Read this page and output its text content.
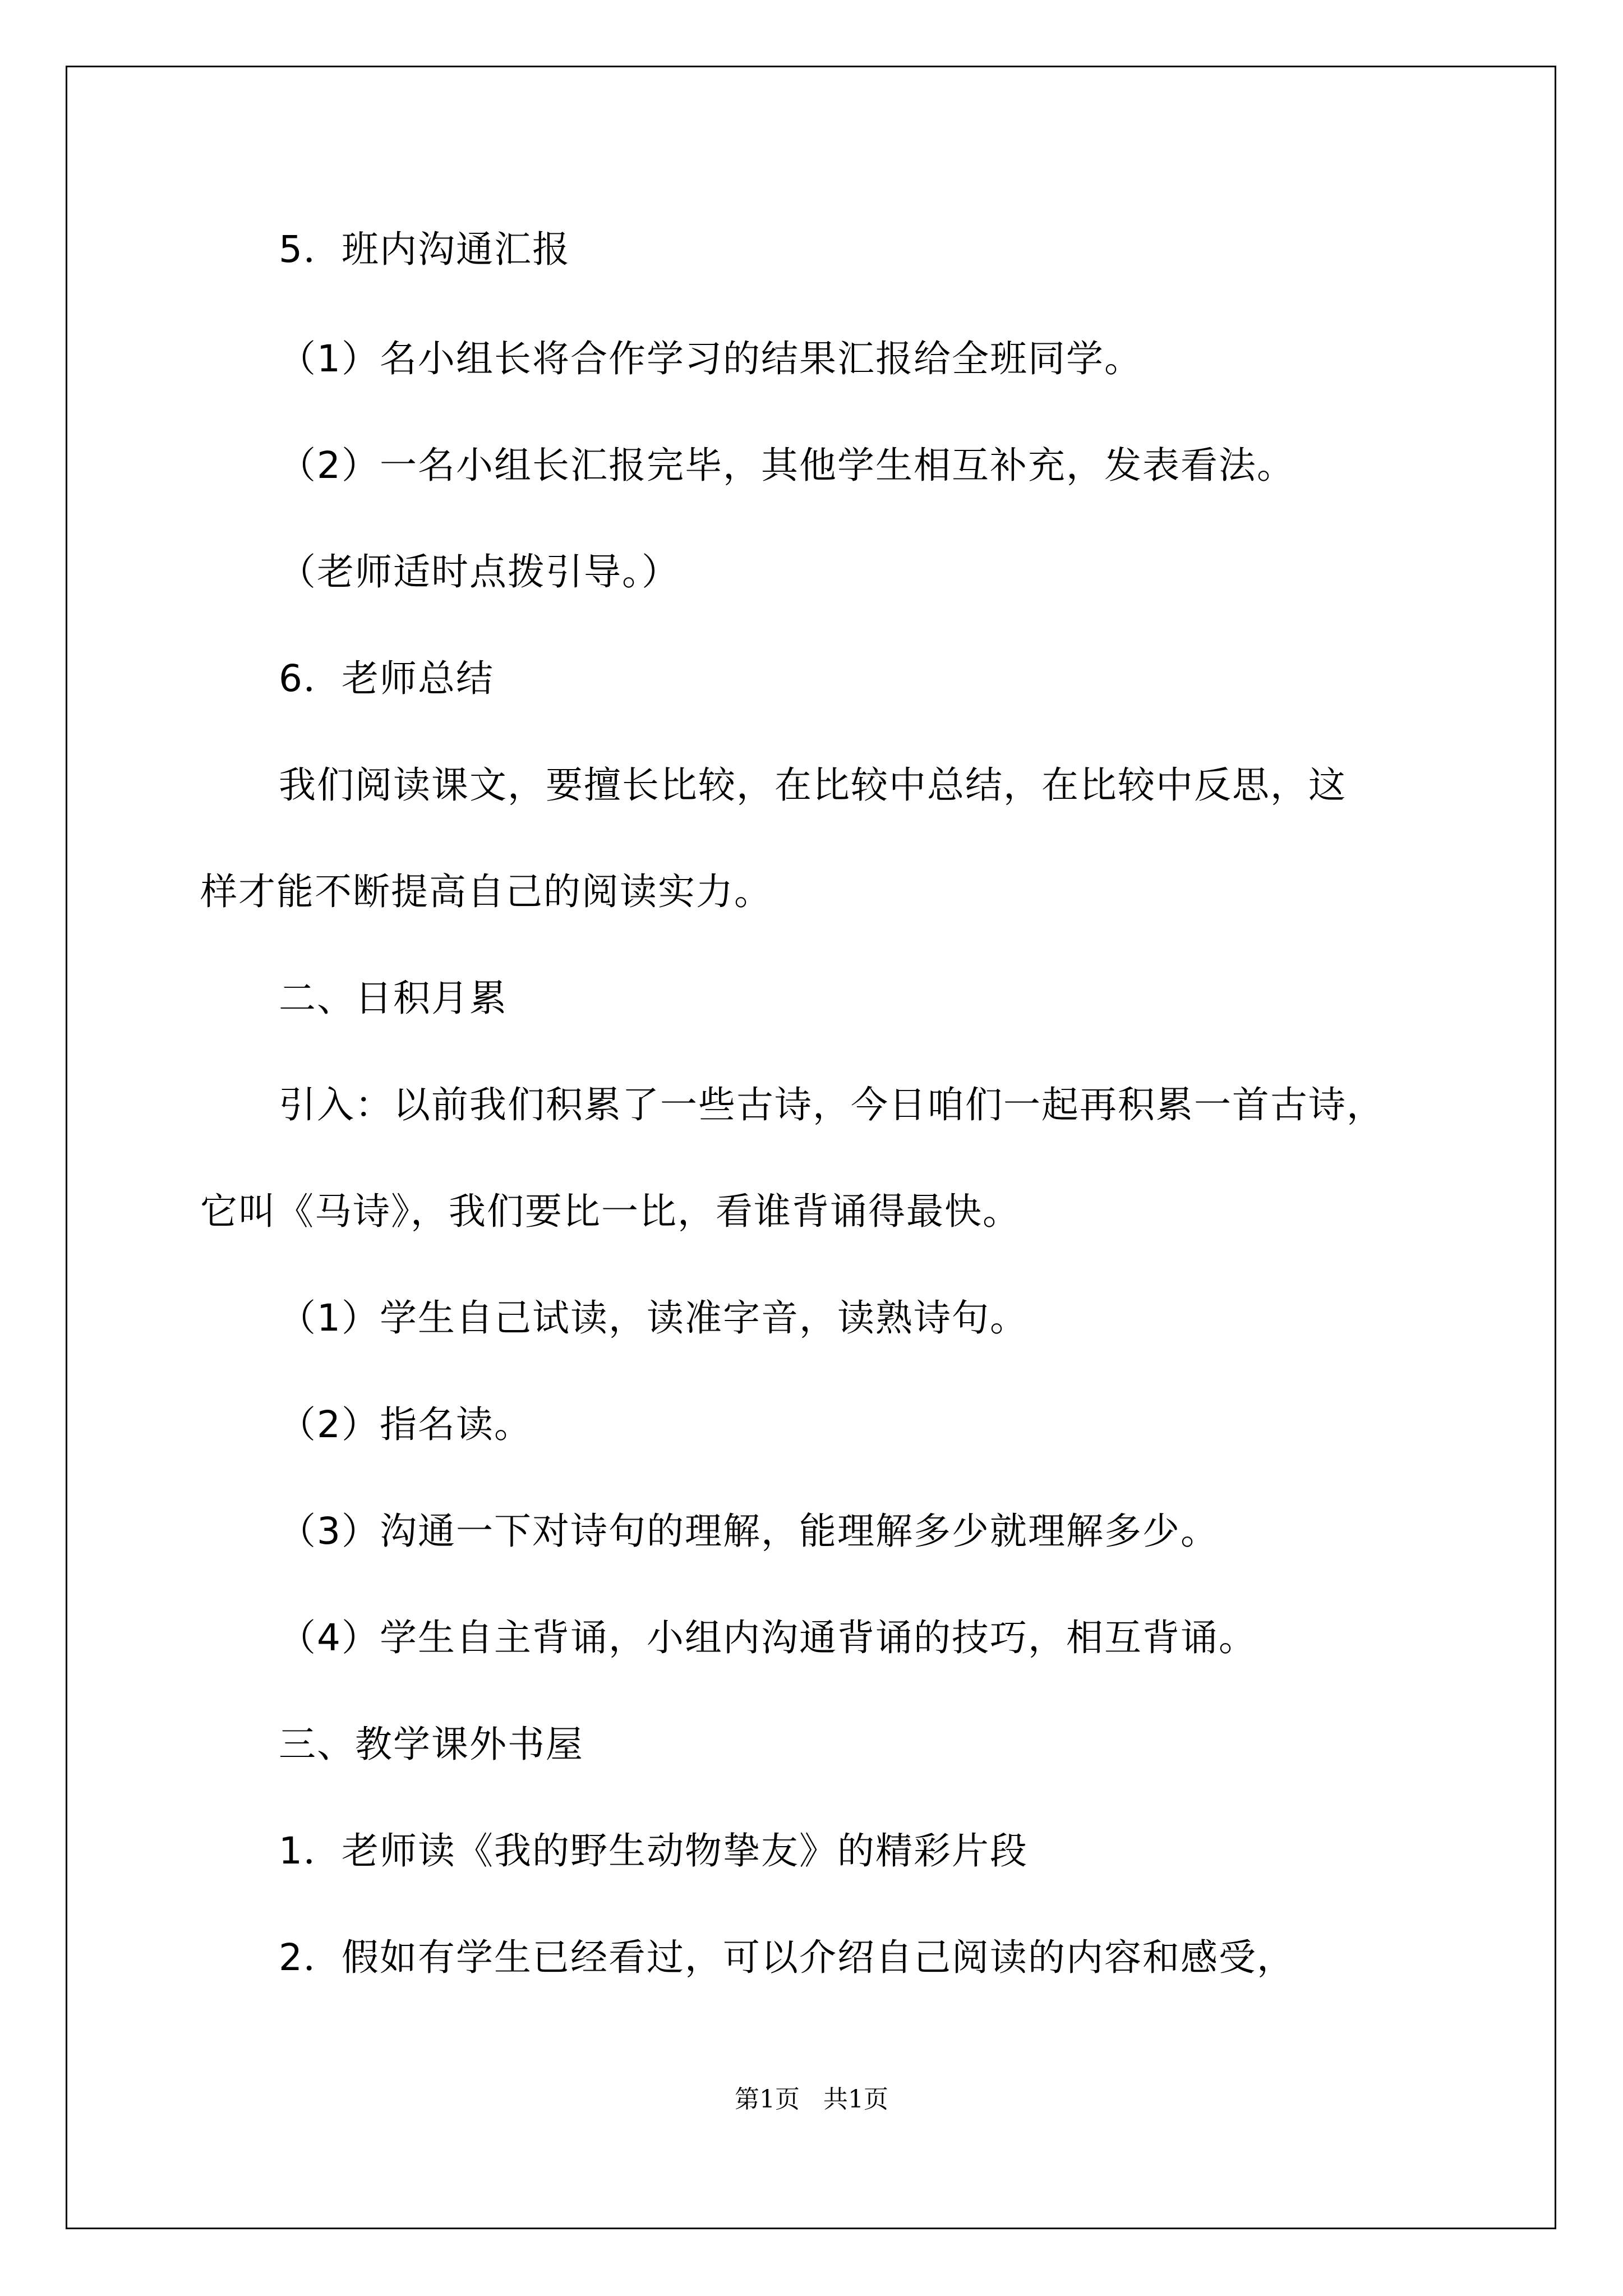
5．班内沟通汇报
（1）名小组长将合作学习的结果汇报给全班同学。
（2）一名小组长汇报完毕，其他学生相互补充，发表看法。
（老师适时点拨引导。）
6．老师总结
我们阅读课文，要擅长比较，在比较中总结，在比较中反思，这
样才能不断提高自己的阅读实力。
二、日积月累
引入：以前我们积累了一些古诗，今日咱们一起再积累一首古诗，
它叫《马诗》，我们要比一比，看谁背诵得最快。
（1）学生自己试读，读准字音，读熟诗句。
（2）指名读。
（3）沟通一下对诗句的理解，能理解多少就理解多少。
（4）学生自主背诵，小组内沟通背诵的技巧，相互背诵。
三、教学课外书屋
1．老师读《我的野生动物挚友》的精彩片段
2．假如有学生已经看过，可以介绍自己阅读的内容和感受，
第1页   共1页
